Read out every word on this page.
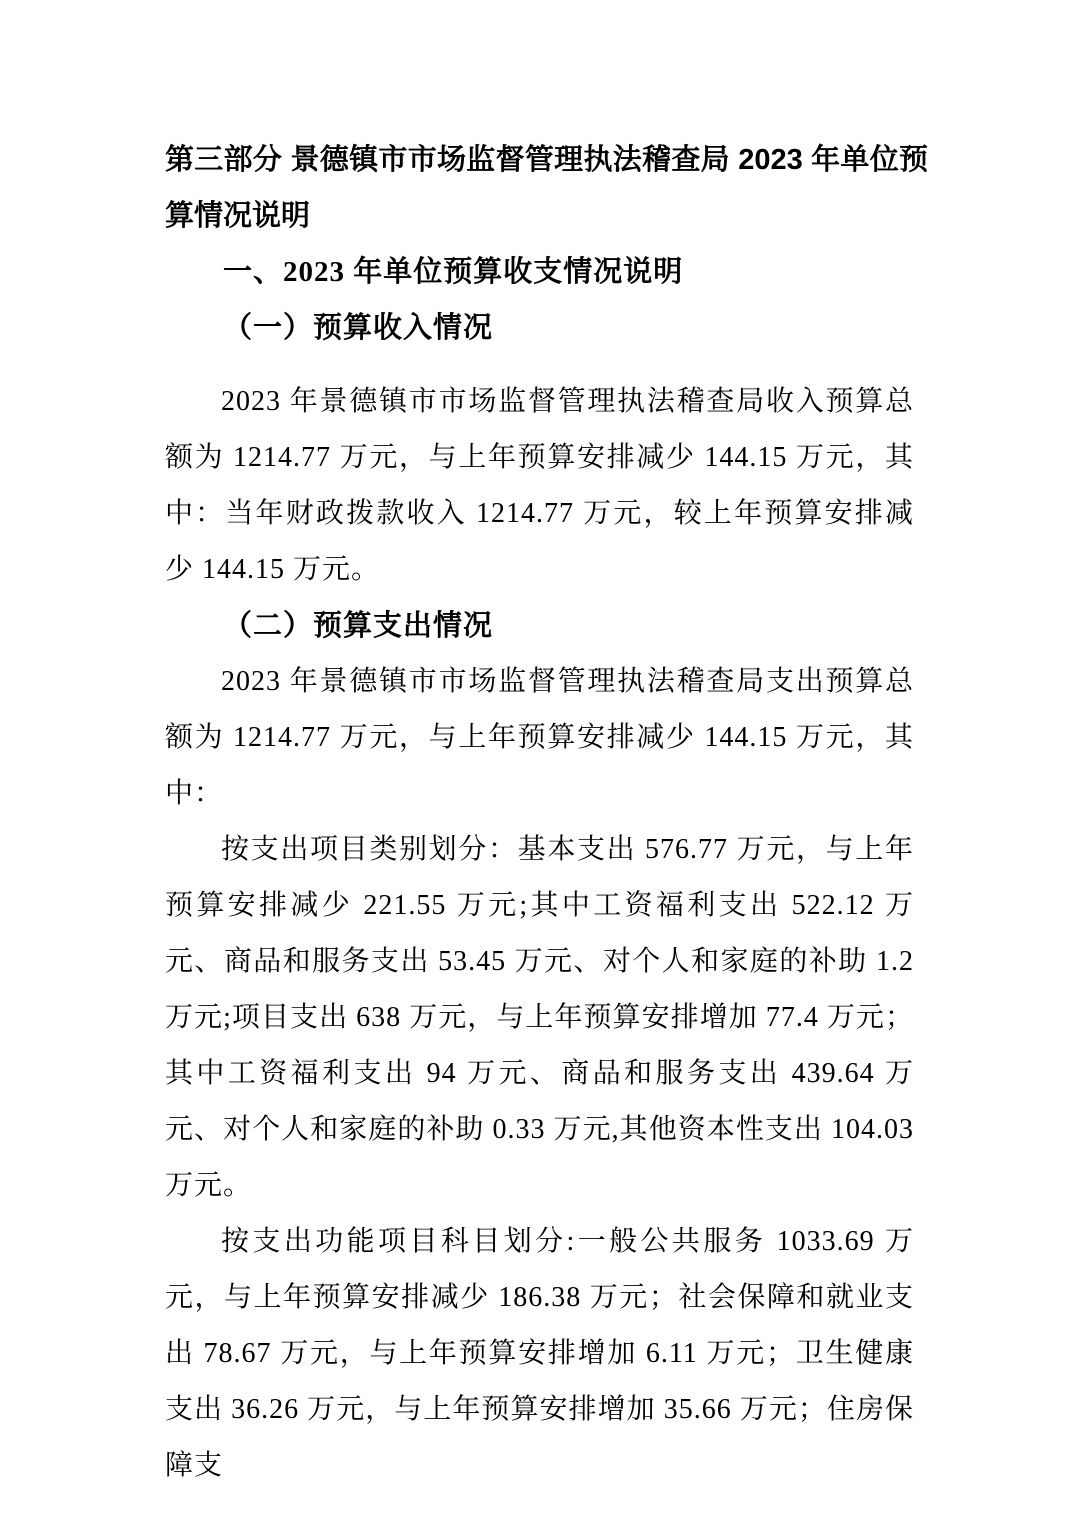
第三部分 景德镇市市场监督管理执法稽查局 2023 年单位预算情况说明
一、2023 年单位预算收支情况说明
（一）预算收入情况

2023 年景德镇市市场监督管理执法稽查局收入预算总额为 1214.77 万元，与上年预算安排减少 144.15 万元，其中：当年财政拨款收入 1214.77 万元，较上年预算安排减少 144.15 万元。

（二）预算支出情况

2023 年景德镇市市场监督管理执法稽查局支出预算总额为 1214.77 万元，与上年预算安排减少 144.15 万元，其中：

按支出项目类别划分：基本支出 576.77 万元，与上年预算安排减少 221.55 万元;其中工资福利支出 522.12 万元、商品和服务支出 53.45 万元、对个人和家庭的补助 1.2 万元;项目支出 638 万元，与上年预算安排增加 77.4 万元；其中工资福利支出 94 万元、商品和服务支出 439.64 万元、对个人和家庭的补助 0.33 万元,其他资本性支出 104.03 万元。

按支出功能项目科目划分:一般公共服务 1033.69 万元，与上年预算安排减少 186.38 万元；社会保障和就业支出 78.67 万元，与上年预算安排增加 6.11 万元；卫生健康支出 36.26 万元，与上年预算安排增加 35.66 万元；住房保障支
